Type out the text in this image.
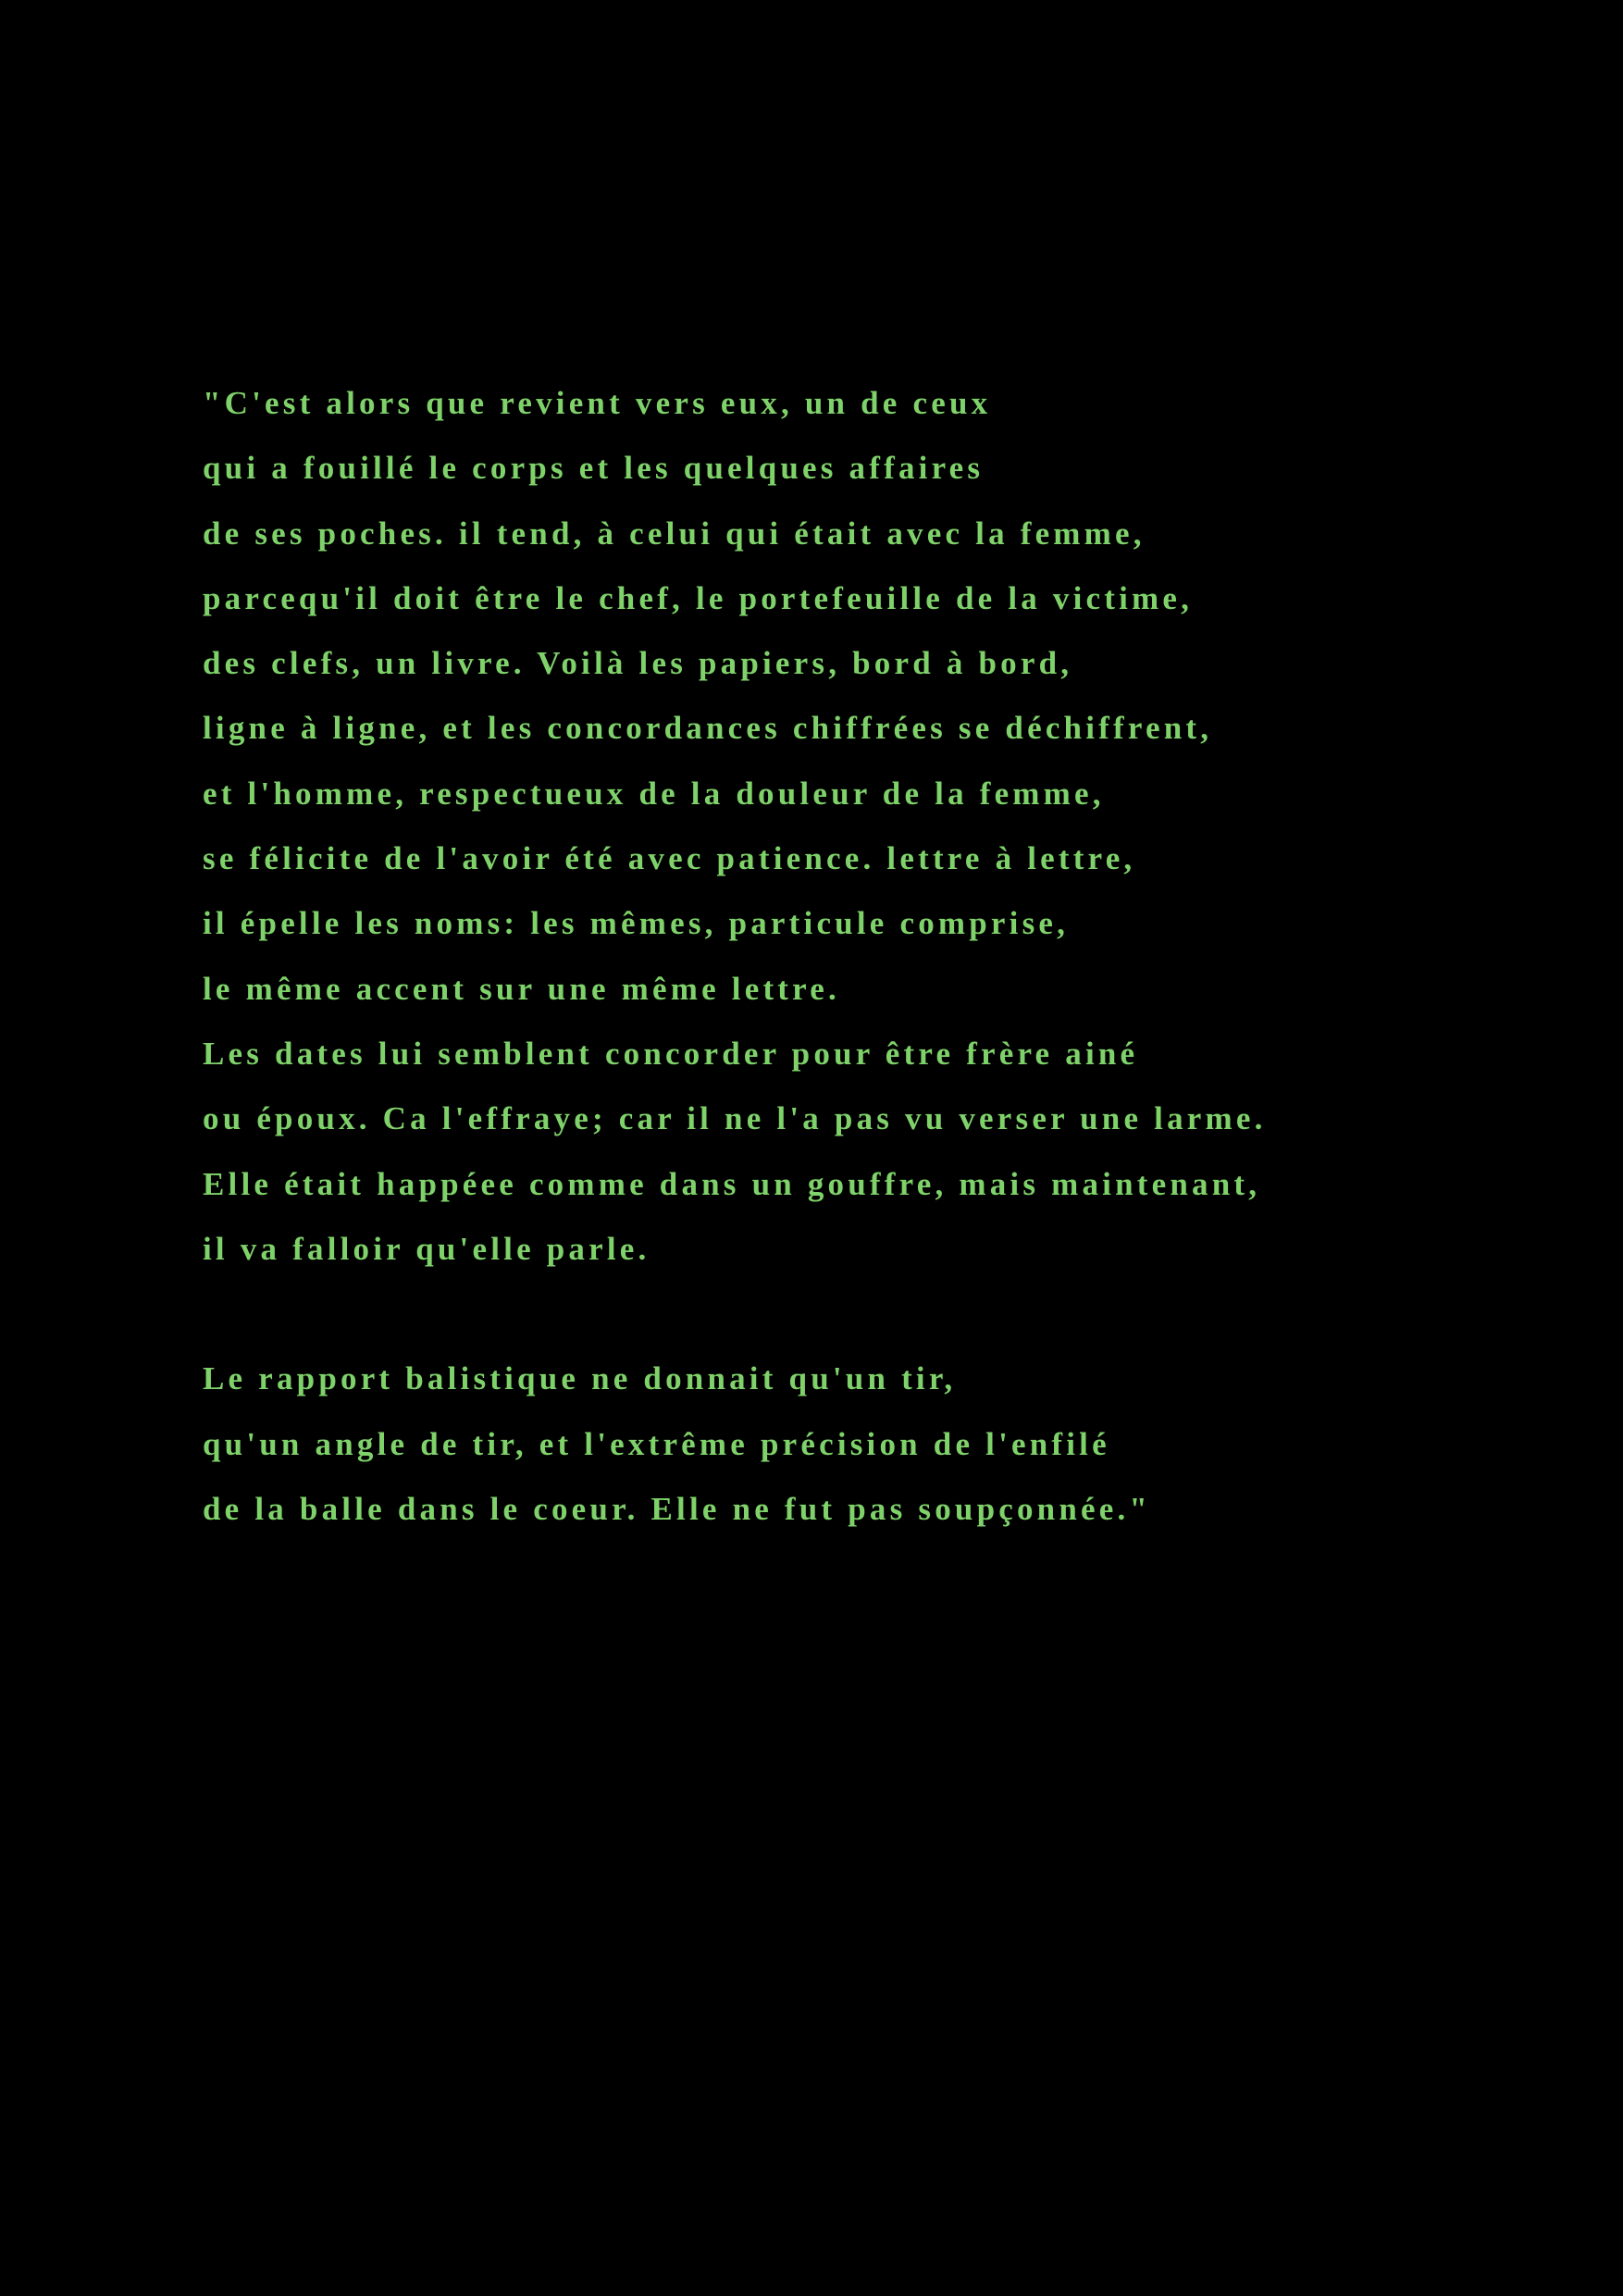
"C'est alors que revient vers eux, un de ceux
qui a fouillé le corps et les quelques affaires
de ses poches. il tend, à celui qui était avec la femme,
parcequ'il doit être le chef, le portefeuille de la victime,
des clefs, un livre. Voilà les papiers, bord à bord,
ligne à ligne, et les concordances chiffrées se déchiffrent,
et l'homme, respectueux de la douleur de la femme,
se félicite de l'avoir été avec patience. lettre à lettre,
il épelle les noms: les mêmes, particule comprise,
le même accent sur une même lettre.
Les dates lui semblent concorder pour être frère ainé
ou époux. Ca l'effraye; car il ne l'a pas vu verser une larme.
Elle était happéee comme dans un gouffre, mais maintenant,
il va falloir qu'elle parle.
Le rapport balistique ne donnait qu'un tir,
qu'un angle de tir, et l'extrême précision de l'enfilé
de la balle dans le coeur. Elle ne fut pas soupçonnée."
